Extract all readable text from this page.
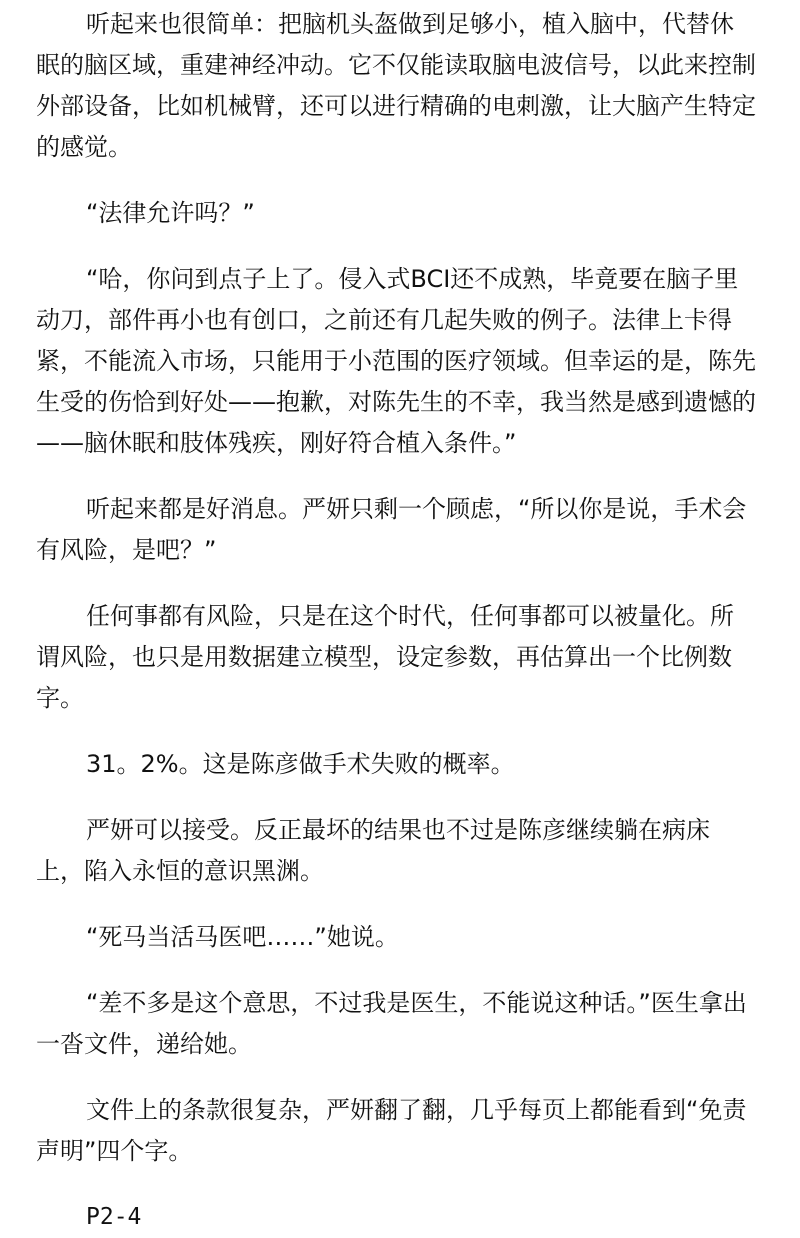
听起来也很简单：把脑机头盔做到足够小，植入脑中，代替休眠的脑区域，重建神经冲动。它不仅能读取脑电波信号，以此来控制外部设备，比如机械臂，还可以进行精确的电刺激，让大脑产生特定的感觉。

“法律允许吗？”

“哈，你问到点子上了。侵入式BCI还不成熟，毕竟要在脑子里动刀，部件再小也有创口，之前还有几起失败的例子。法律上卡得紧，不能流入市场，只能用于小范围的医疗领域。但幸运的是，陈先生受的伤恰到好处——抱歉，对陈先生的不幸，我当然是感到遗憾的——脑休眠和肢体残疾，刚好符合植入条件。”

听起来都是好消息。严妍只剩一个顾虑，“所以你是说，手术会有风险，是吧？”

任何事都有风险，只是在这个时代，任何事都可以被量化。所谓风险，也只是用数据建立模型，设定参数，再估算出一个比例数字。

31。2%。这是陈彦做手术失败的概率。

严妍可以接受。反正最坏的结果也不过是陈彦继续躺在病床上，陷入永恒的意识黑渊。

“死马当活马医吧……”她说。

“差不多是这个意思，不过我是医生，不能说这种话。”医生拿出一沓文件，递给她。

文件上的条款很复杂，严妍翻了翻，几乎每页上都能看到“免责声明”四个字。

P2-4
